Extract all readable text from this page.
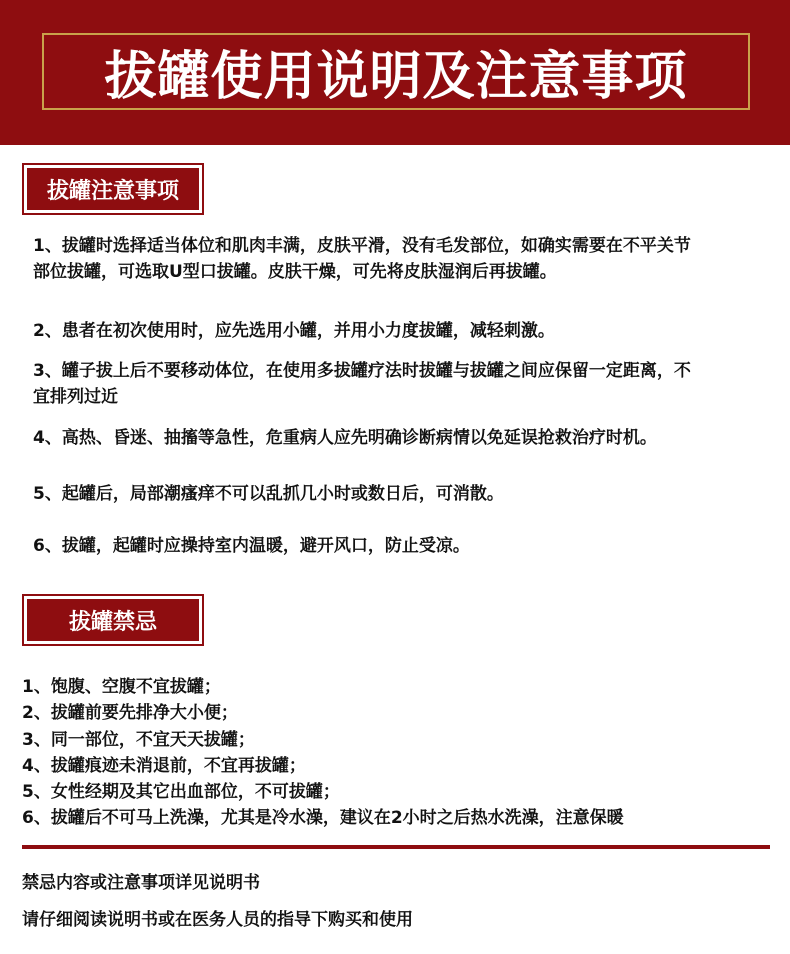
拔罐使用说明及注意事项
拔罐注意事项

1、拔罐时选择适当体位和肌肉丰满，皮肤平滑，没有毛发部位，如确实需要在不平关节部位拔罐，可选取U型口拔罐。皮肤干燥，可先将皮肤湿润后再拔罐。

2、患者在初次使用时，应先选用小罐，并用小力度拔罐，减轻刺激。

3、罐子拔上后不要移动体位，在使用多拔罐疗法时拔罐与拔罐之间应保留一定距离，不宜排列过近

4、高热、昏迷、抽搐等急性，危重病人应先明确诊断病情以免延误抢救治疗时机。

5、起罐后，局部潮瘙痒不可以乱抓几小时或数日后，可消散。

6、拔罐，起罐时应操持室内温暖，避开风口，防止受凉。

拔罐禁忌

1、饱腹、空腹不宜拔罐；

2、拔罐前要先排净大小便；

3、同一部位，不宜天天拔罐；

4、拔罐痕迹未消退前，不宜再拔罐；

5、女性经期及其它出血部位，不可拔罐；

6、拔罐后不可马上洗澡，尤其是冷水澡，建议在2小时之后热水洗澡，注意保暖

禁忌内容或注意事项详见说明书
请仔细阅读说明书或在医务人员的指导下购买和使用
